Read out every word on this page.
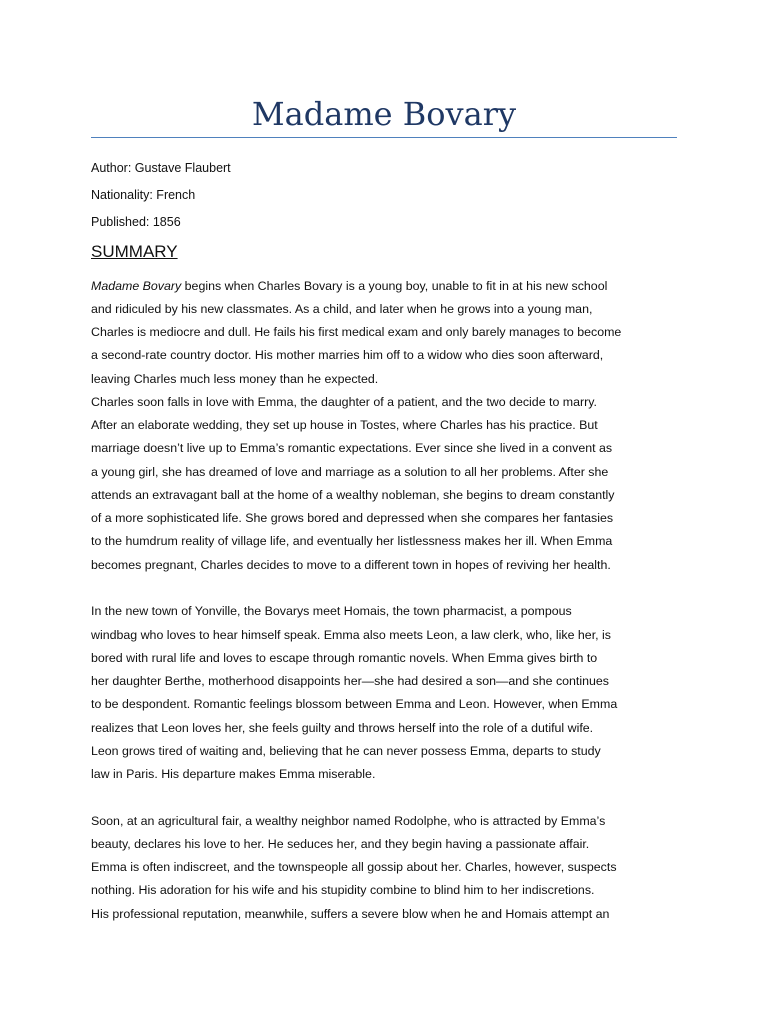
Madame Bovary
Author: Gustave Flaubert
Nationality: French
Published: 1856
SUMMARY
Madame Bovary begins when Charles Bovary is a young boy, unable to fit in at his new school
and ridiculed by his new classmates. As a child, and later when he grows into a young man,
Charles is mediocre and dull. He fails his first medical exam and only barely manages to become
a second-rate country doctor. His mother marries him off to a widow who dies soon afterward,
leaving Charles much less money than he expected.
Charles soon falls in love with Emma, the daughter of a patient, and the two decide to marry.
After an elaborate wedding, they set up house in Tostes, where Charles has his practice. But
marriage doesn’t live up to Emma’s romantic expectations. Ever since she lived in a convent as
a young girl, she has dreamed of love and marriage as a solution to all her problems. After she
attends an extravagant ball at the home of a wealthy nobleman, she begins to dream constantly
of a more sophisticated life. She grows bored and depressed when she compares her fantasies
to the humdrum reality of village life, and eventually her listlessness makes her ill. When Emma
becomes pregnant, Charles decides to move to a different town in hopes of reviving her health.
In the new town of Yonville, the Bovarys meet Homais, the town pharmacist, a pompous
windbag who loves to hear himself speak. Emma also meets Leon, a law clerk, who, like her, is
bored with rural life and loves to escape through romantic novels. When Emma gives birth to
her daughter Berthe, motherhood disappoints her—she had desired a son—and she continues
to be despondent. Romantic feelings blossom between Emma and Leon. However, when Emma
realizes that Leon loves her, she feels guilty and throws herself into the role of a dutiful wife.
Leon grows tired of waiting and, believing that he can never possess Emma, departs to study
law in Paris. His departure makes Emma miserable.
Soon, at an agricultural fair, a wealthy neighbor named Rodolphe, who is attracted by Emma’s
beauty, declares his love to her. He seduces her, and they begin having a passionate affair.
Emma is often indiscreet, and the townspeople all gossip about her. Charles, however, suspects
nothing. His adoration for his wife and his stupidity combine to blind him to her indiscretions.
His professional reputation, meanwhile, suffers a severe blow when he and Homais attempt an
